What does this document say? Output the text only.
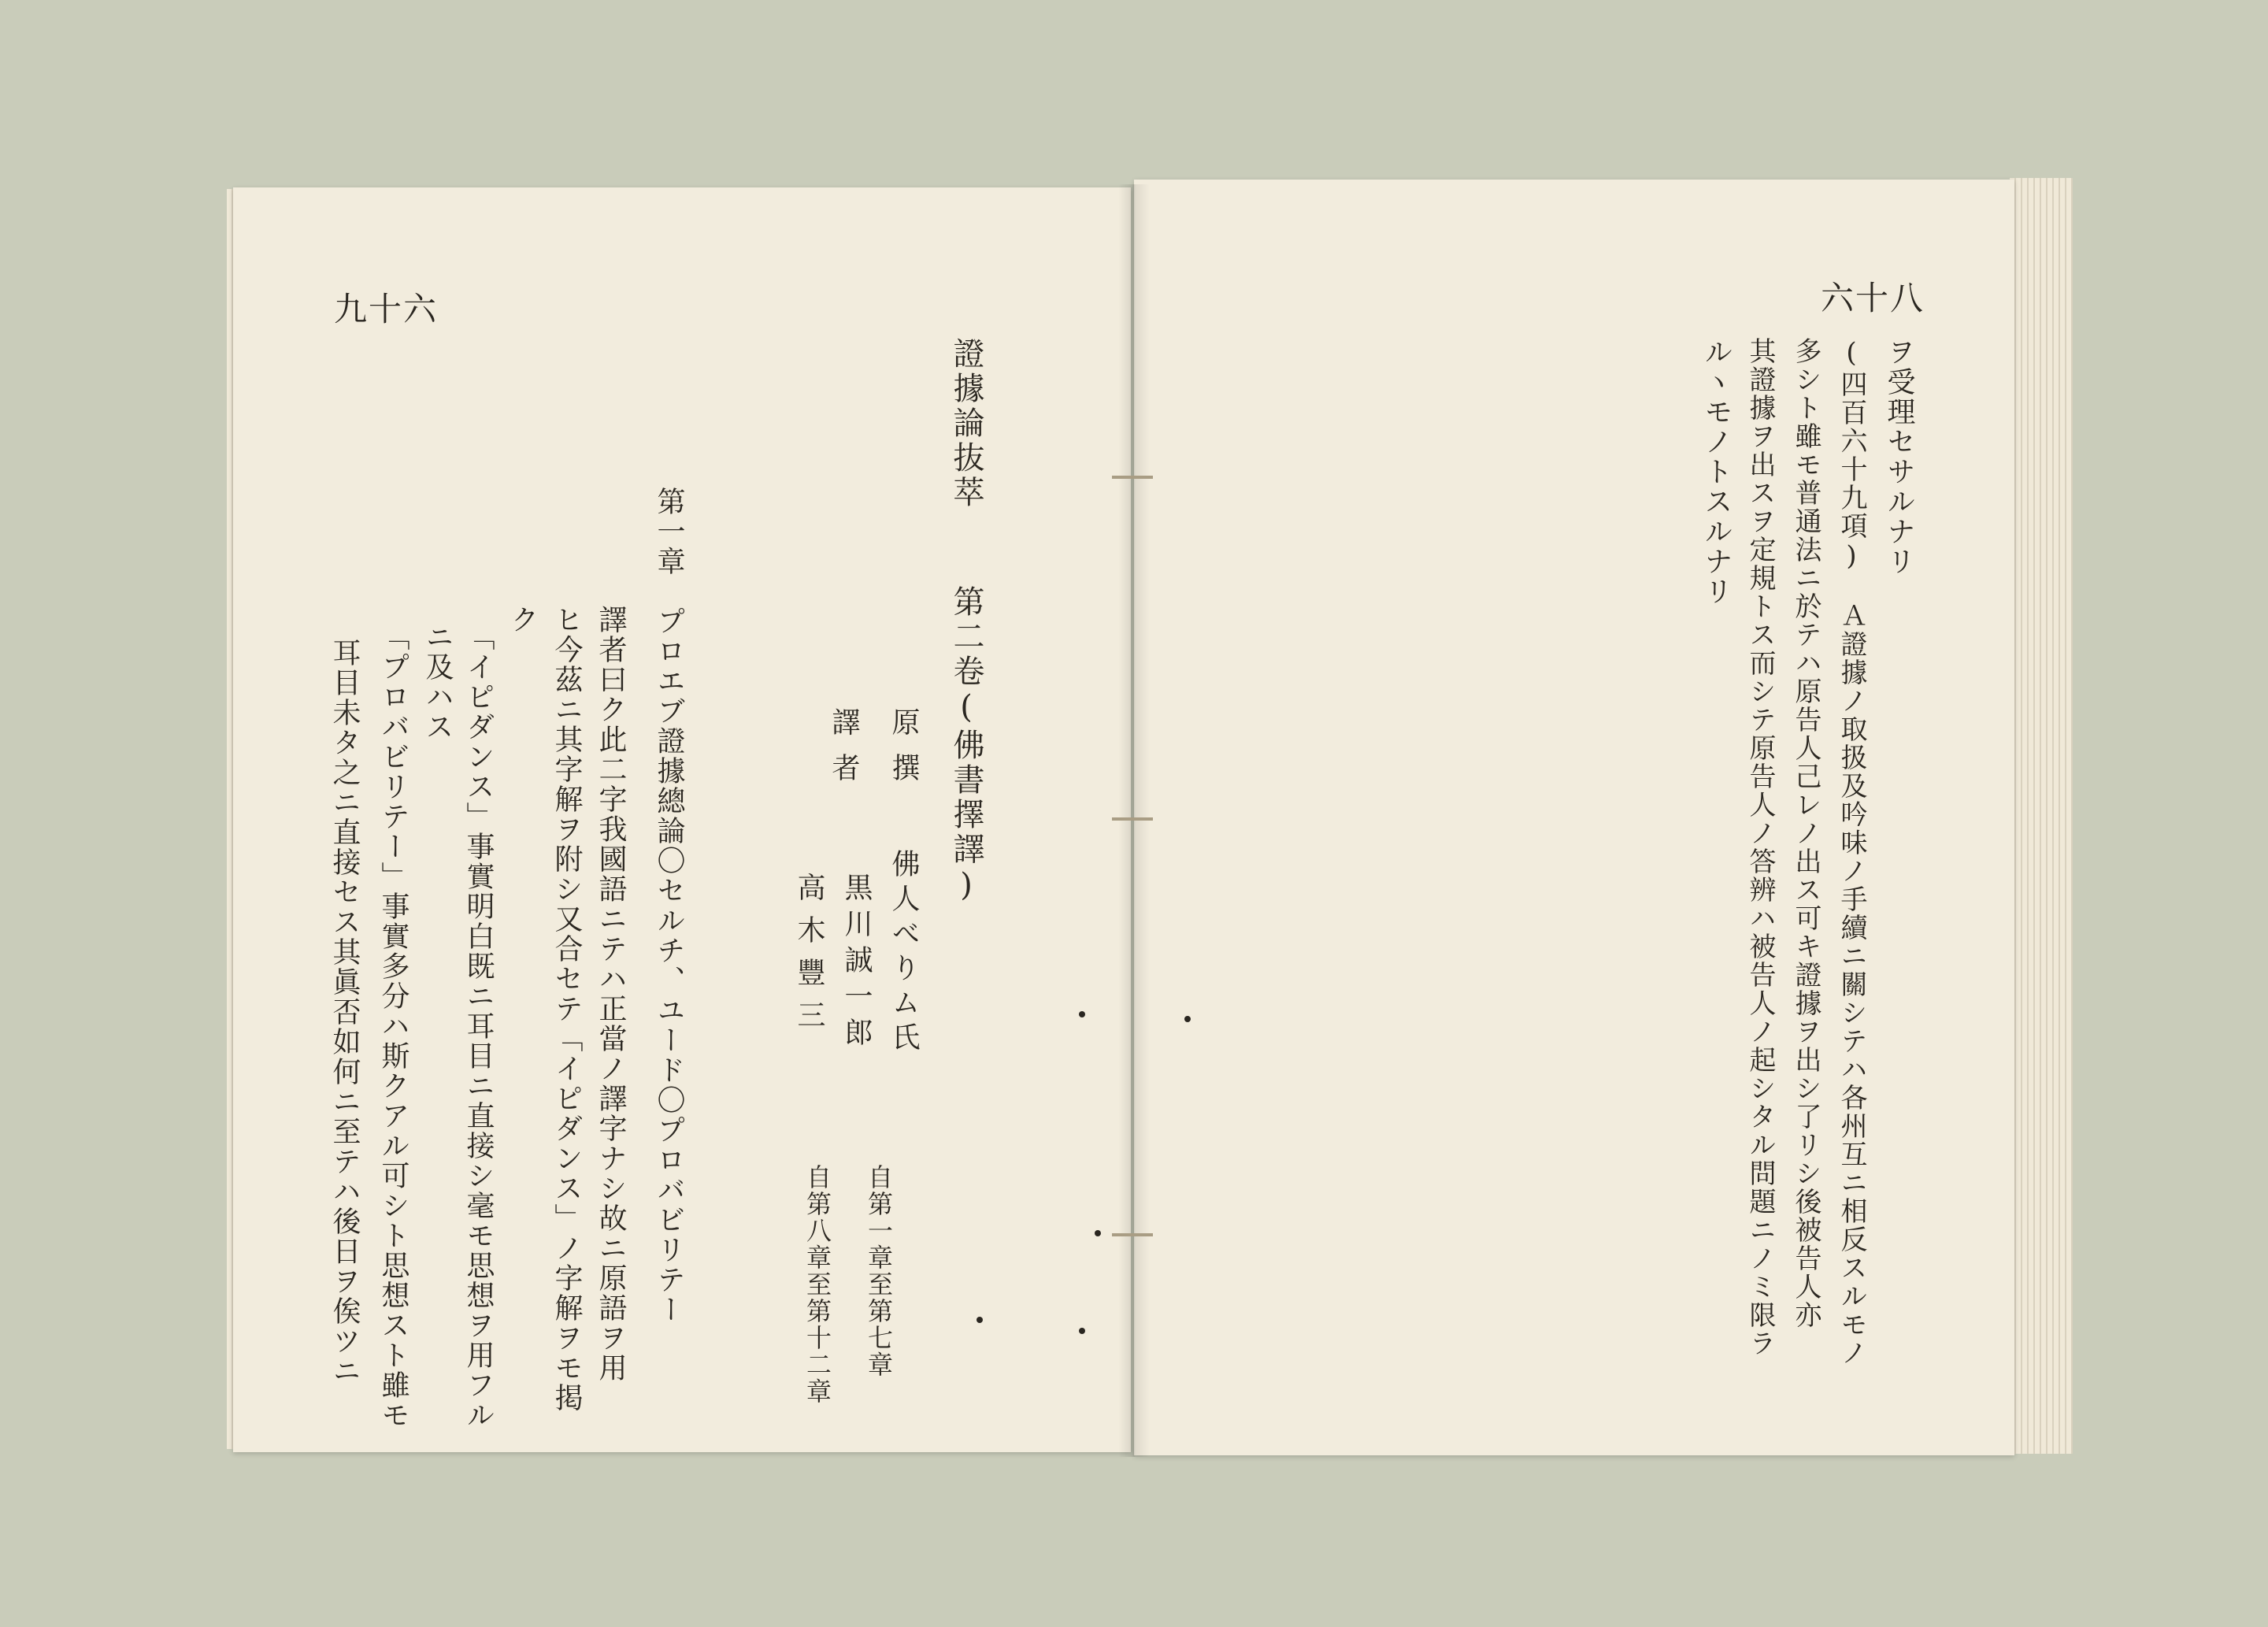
九十六
證據論抜萃
第二卷(佛書擇譯)
原撰
佛人べりム氏
譯者
黒川誠一郎
自第一章至第七章
高木豐三
自第八章至第十二章
第一章　プロエブ證據總論〇セルチ、ユード〇プロバビリテー
譯者曰ク此二字我國語ニテハ正當ノ譯字ナシ故ニ原語ヲ用
ヒ今茲ニ其字解ヲ附シ又合セテ「イピダンス」ノ字解ヲモ掲
ク
「イピダンス」事實明白既ニ耳目ニ直接シ毫モ思想ヲ用フル
ニ及ハス
「プロバビリテー」事實多分ハ斯クアル可シト思想スト雖モ
耳目未タ之ニ直接セス其眞否如何ニ至テハ後日ヲ俟ツニ
六十八
ヲ受理セサルナリ
(四百六十九項)　Ａ證據ノ取扱及吟味ノ手續ニ關シテハ各州互ニ相反スルモノ
多シト雖モ普通法ニ於テハ原告人己レノ出ス可キ證據ヲ出シ了リシ後被告人亦
其證據ヲ出スヲ定規トス而シテ原告人ノ答辨ハ被告人ノ起シタル問題ニノミ限ラ
ルヽモノトスルナリ
